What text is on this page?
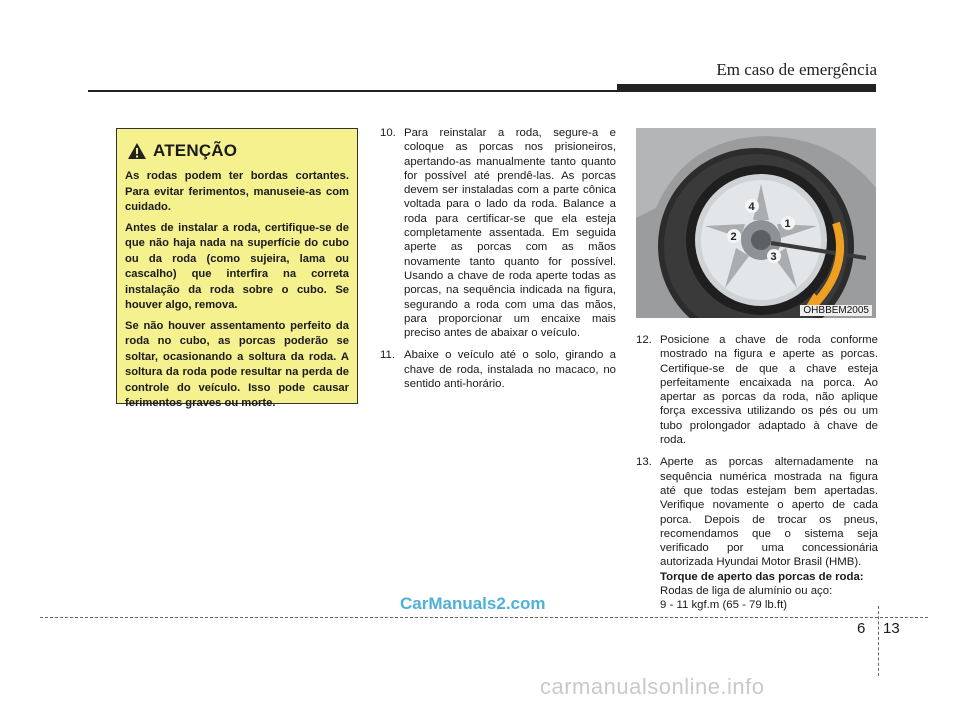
Em caso de emergência
ATENÇÃO

As rodas podem ter bordas cortantes. Para evitar ferimentos, manuseie-as com cuidado.

Antes de instalar a roda, certifique-se de que não haja nada na superfície do cubo ou da roda (como sujeira, lama ou cascalho) que interfira na correta instalação da roda sobre o cubo. Se houver algo, remova.

Se não houver assentamento perfeito da roda no cubo, as porcas poderão se soltar, ocasionando a soltura da roda. A soltura da roda pode resultar na perda de controle do veículo. Isso pode causar ferimentos graves ou morte.

10. Para reinstalar a roda, segure-a e coloque as porcas nos prisioneiros, apertando-as manualmente tanto quanto for possível até prendê-las. As porcas devem ser instaladas com a parte cônica voltada para o lado da roda. Balance a roda para certificar-se que ela esteja completamente assentada. Em seguida aperte as porcas com as mãos novamente tanto quanto for possível. Usando a chave de roda aperte todas as porcas, na sequência indicada na figura, segurando a roda com uma das mãos, para proporcionar um encaixe mais preciso antes de abaixar o veículo.
11. Abaixe o veículo até o solo, girando a chave de roda, instalada no macaco, no sentido anti-horário.
1
2
3
4
OHBBEM2005
12. Posicione a chave de roda conforme mostrado na figura e aperte as porcas. Certifique-se de que a chave esteja perfeitamente encaixada na porca. Ao apertar as porcas da roda, não aplique força excessiva utilizando os pés ou um tubo prolongador adaptado à chave de roda.
13. Aperte as porcas alternadamente na sequência numérica mostrada na figura até que todas estejam bem apertadas. Verifique novamente o aperto de cada porca. Depois de trocar os pneus, recomendamos que o sistema seja verificado por uma concessionária autorizada Hyundai Motor Brasil (HMB).
Torque de aperto das porcas de roda:
Rodas de liga de alumínio ou aço:
9 - 11 kgf.m (65 - 79 lb.ft)
CarManuals2.com
6 13
carmanualsonline.info
